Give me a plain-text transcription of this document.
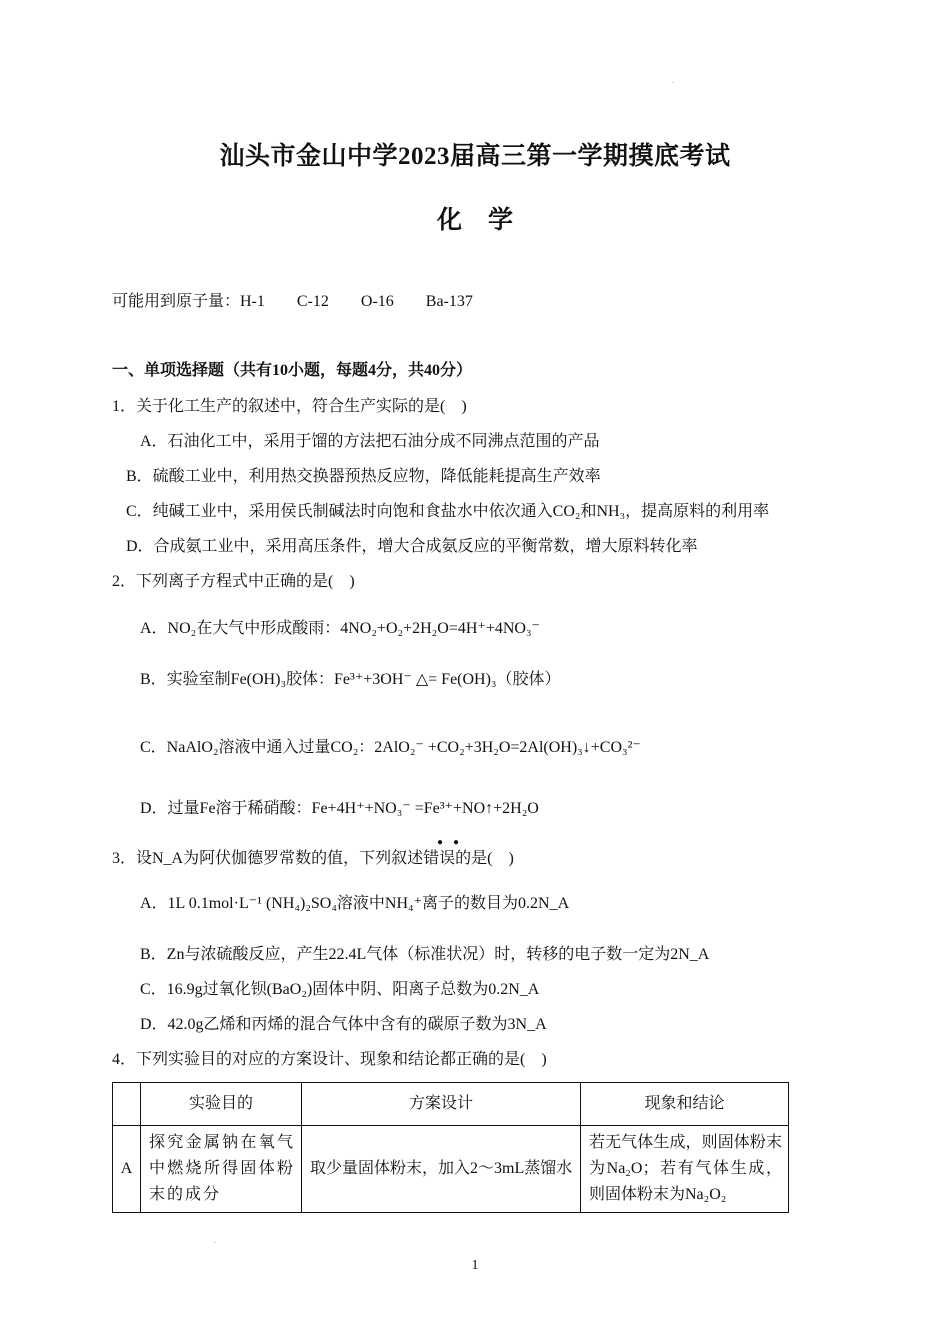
.
汕头市金山中学2023届高三第一学期摸底考试
化学
可能用到原子量：H-1　　C-12　　O-16　　Ba-137
一、单项选择题（共有10小题，每题4分，共40分）
1．关于化工生产的叙述中，符合生产实际的是(　)
A．石油化工中，采用于馏的方法把石油分成不同沸点范围的产品
B．硫酸工业中，利用热交换器预热反应物，降低能耗提高生产效率
C．纯碱工业中，采用侯氏制碱法时向饱和食盐水中依次通入CO₂和NH₃，提高原料的利用率
D．合成氨工业中，采用高压条件，增大合成氨反应的平衡常数，增大原料转化率
2．下列离子方程式中正确的是(　)
A．NO₂在大气中形成酸雨：4NO₂+O₂+2H₂O=4H⁺+4NO₃⁻
B．实验室制Fe(OH)₃胶体：Fe³⁺+3OH⁻ △= Fe(OH)₃（胶体）
C．NaAlO₂溶液中通入过量CO₂：2AlO₂⁻ +CO₂+3H₂O=2Al(OH)₃↓+CO₃²⁻
D．过量Fe溶于稀硝酸：Fe+4H⁺+NO₃⁻ =Fe³⁺+NO↑+2H₂O
● ●
3．设N_A为阿伏伽德罗常数的值，下列叙述错误的是(　)
A．1L 0.1mol·L⁻¹ (NH₄)₂SO₄溶液中NH₄⁺离子的数目为0.2N_A
B．Zn与浓硫酸反应，产生22.4L气体（标准状况）时，转移的电子数一定为2N_A
C．16.9g过氧化钡(BaO₂)固体中阴、阳离子总数为0.2N_A
D．42.0g乙烯和丙烯的混合气体中含有的碳原子数为3N_A
4．下列实验目的对应的方案设计、现象和结论都正确的是(　)
	实验目的	方案设计	现象和结论
A	探究金属钠在氧气中燃烧所得固体粉末的成分	取少量固体粉末，加入2～3mL蒸馏水	若无气体生成，则固体粉末为Na₂O；若有气体生成，则固体粉末为Na₂O₂
.
1
